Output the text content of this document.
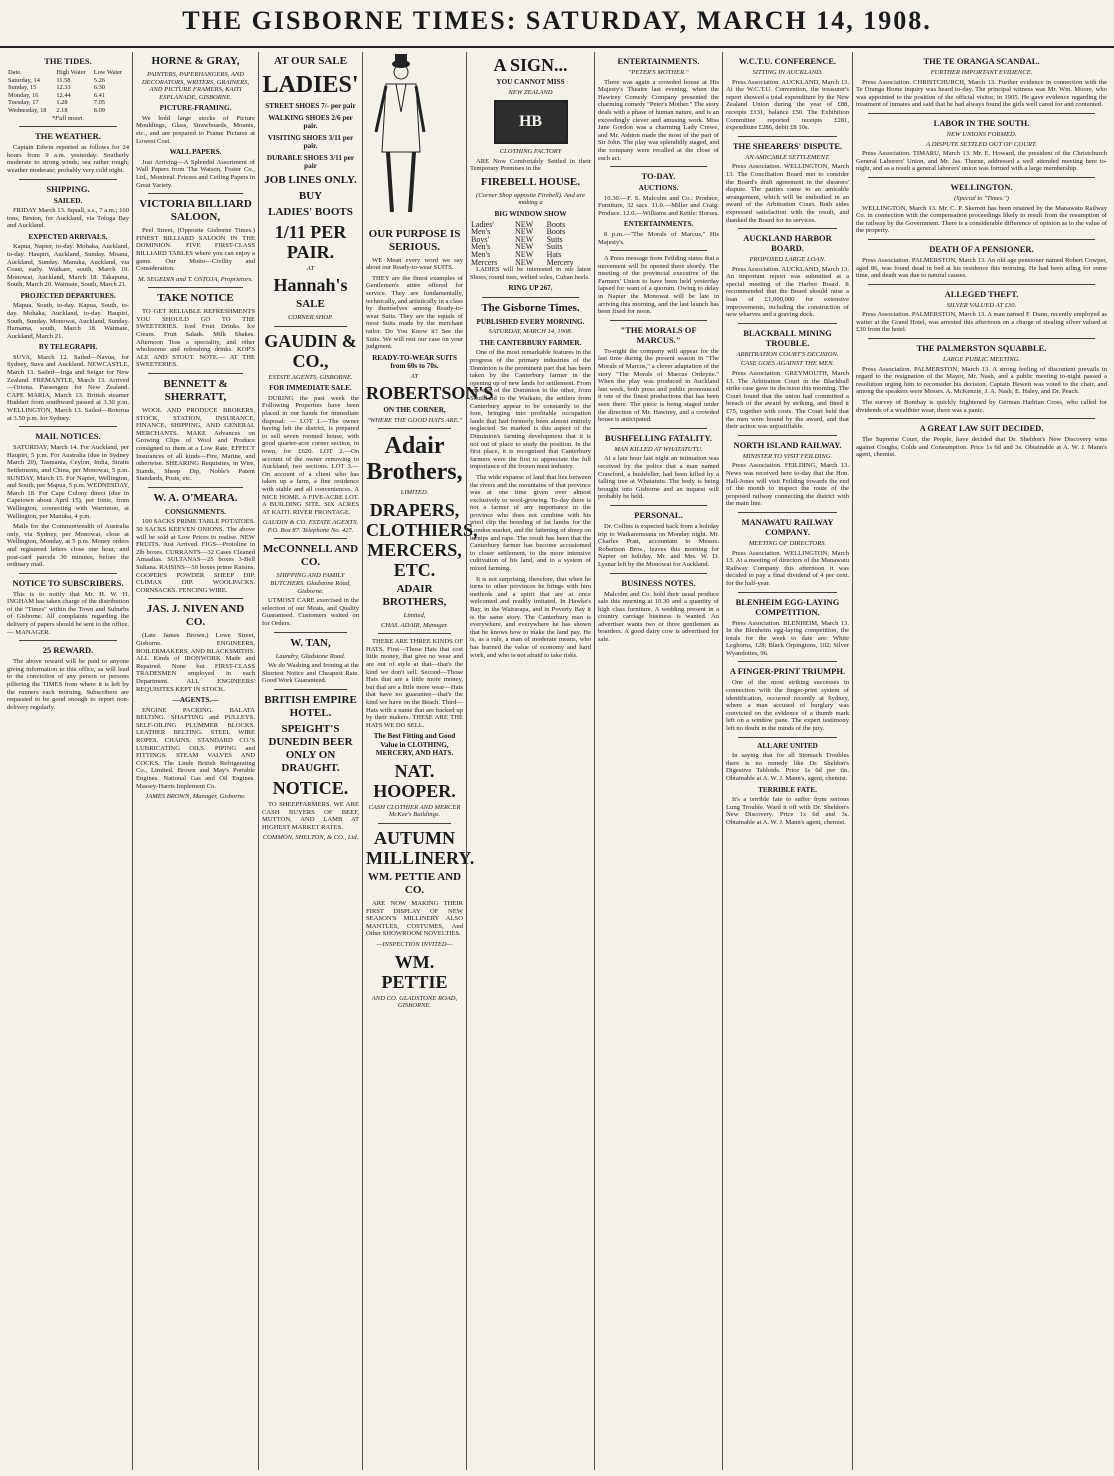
THE GISBORNE TIMES: SATURDAY, MARCH 14, 1908.
THE TIDES.
Date.	High Water	Low Water
Saturday, 14	11.58	5.26
Sunday, 15	12.33	6.30
Monday, 16	12.44	6.41
Tuesday, 17	1.28	7.05
Wednesday, 18	2.18	8.09
*Full moon.
THE WEATHER.

Captain Edwin reported as follows for 24 hours from 9 a.m. yesterday: Southerly moderate to strong winds; sea rather rough; weather moderate; probably very cold night.

SHIPPING.
SAILED.

FRIDAY March 13. Squall, s.s., 7 a.m.; 160 tons, Beston, for Auckland, via Tologa Bay and Auckland.

EXPECTED ARRIVALS.

Kapua, Napier, to-day. Mohaka, Auckland, to-day. Haupiri, Auckland, Sunday. Moana, Auckland, Sunday. Manuka, Auckland, via Coast, early. Waikare, south, March 19. Monowai, Auckland, March 18. Takapuna, South, March 20. Waimate, South, March 21.

PROJECTED DEPARTURES.

Mapua, South, to-day. Kapua, South, to-day. Mohaka, Auckland, to-day. Haupiri, South, Sunday. Monowai, Auckland, Sunday. Hamama, south, March 18. Waimate, Auckland, March 21.

BY TELEGRAPH.

SUVA, March 12. Sailed—Navua, for Sydney, Suva and Auckland. NEWCASTLE, March 13. Sailed—Inga and Seigar for New Zealand. FREMANTLE, March 13. Arrived—Ortona. Passengers for New Zealand. CAPE MARIA, March 13. British steamer Huddart from southward passed at 3.30 p.m. WELLINGTON, March 13. Sailed—Rotorua at 3.50 p.m. for Sydney.

MAIL NOTICES.

SATURDAY, March 14. For Auckland, per Haupiri, 5 p.m. For Australia (due in Sydney March 20), Tasmania, Ceylon, India, Straits Settlements, and China, per Monowai, 5 p.m. SUNDAY, March 15. For Napier, Wellington, and South, per Mapua, 5 p.m. WEDNESDAY, March 18. For Cape Colony direct (due in Capetown about April 15), per Ionic, from Wellington, connecting with Warrimoo, at Wellington, per Manuka, 4 p.m.

Mails for the Commonwealth of Australia only, via Sydney, per Monowai, close at Wellington, Monday, at 5 p.m. Money orders and registered letters close one hour, and post-card parcels 30 minutes, before the ordinary mail.

NOTICE TO SUBSCRIBERS.

This is to notify that Mr. H. W. H. INGHAM has taken charge of the distribution of the "Times" within the Town and Suburbs of Gisborne. All complaints regarding the delivery of papers should be sent to the office. — MANAGER.

25 REWARD.

The above reward will be paid to anyone giving information to this office, as will lead to the conviction of any person or persons pilfering the TIMES from where it is left by the runners each morning. Subscribers are requested to be good enough to report non-delivery regularly.

HORNE & GRAY,
PAINTERS, PAPERHANGERS, AND DECORATORS, WRITERS, GRAINERS, AND PICTURE FRAMERS, KAITI ESPLANADE, GISBORNE.
PICTURE-FRAMING.

We hold large stocks of Picture Mouldings, Glass, Strawboards, Mounts, etc., and are prepared to Frame Pictures at Lowest Cost.

WALL PAPERS.

Just Arriving—A Splendid Assortment of Wall Papers from The Watson, Foster Co., Ltd., Montreal. Friezes and Ceiling Papers in Great Variety.

VICTORIA BILLIARD SALOON,

Peel Street, (Opposite Gisborne Times.) FINEST BILLIARD SALOON IN THE DOMINION. FIVE FIRST-CLASS BILLIARD TABLES where you can enjoy a game. Our Motto—Civility and Consideration.

M. SEGEDIN and T. OSTOJA, Proprietors.
TAKE NOTICE

TO GET RELIABLE REFRESHMENTS YOU SHOULD GO TO THE SWEETERIES. Iced Fruit Drinks. Ice Cream. Fruit Salads. Milk Shakes. Afternoon Teas a speciality, and other wholesome and refreshing drinks. KOP'S ALE AND STOUT. NOTE.— AT THE SWEETERIES.

BENNETT & SHERRATT,

WOOL AND PRODUCE BROKERS, STOCK, STATION, INSURANCE, FINANCE, SHIPPING, AND GENERAL MERCHANTS. MAKE Advances on Growing Clips of Wool and Produce consigned to them at a Low Rate. EFFECT Insurances of all kinds—Fire, Marine, and otherwise. SHEARING Requisites, in Wire, Stands, Sheep Dip, Noble's Patent Standards, Posts, etc.

W. A. O'MEARA.
CONSIGNMENTS.

100 SACKS PRIME TABLE POTATOES. 50 SACKS KEEVEN ONIONS. The above will be sold at Low Prices to realise. NEW FRUITS. Just Arrived. FIGS—Protoline in 2lb boxes. CURRANTS—32 Cases Cleaned Amaalias. SULTANAS—25 boxes 3-Bell Sultana. RAISINS—50 boxes prime Raisins. COOPER'S POWDER SHEEP DIP. CLIMAX DIP. WOOLPACKS. CORNSACKS. FENCING WIRE.

JAS. J. NIVEN AND CO.

(Late James Brown.) Lowe Street, Gisborne. ENGINEERS, BOILERMAKERS, AND BLACKSMITHS. ALL Kinds of IRONWORK Made and Repaired. None but FIRST-CLASS TRADESMEN employed in each Department. ALL ENGINEERS' REQUISITES KEPT IN STOCK.

—AGENTS.—

ENGINE PACKING. BALATA BELTING. SHAFTING and PULLEYS. SELF-OILING PLUMMER BLOCKS. LEATHER BELTING. STEEL WIRE ROPES. CHAINS. STANDARD CO.'S LUBRICATING OILS. PIPING and FITTINGS. STEAM VALVES AND COCKS. The Linde British Refrigerating Co., Limited. Brown and May's Portable Engines. National Gas and Oil Engines. Massey-Harris Implement Co.

JAMES BROWN, Manager, Gisborne.
AT OUR SALE
LADIES'
STREET SHOES 7/- per pair
WALKING SHOES 2/6 per pair.
VISITING SHOES 3/11 per pair.
DURABLE SHOES 3/11 per pair
JOB LINES ONLY.
BUY
LADIES' BOOTS
1/11 PER PAIR.
AT
Hannah's
SALE
CORNER SHOP.
GAUDIN & CO.,
ESTATE AGENTS, GISBORNE.
FOR IMMEDIATE SALE.

DURING the past week the Following Properties have been placed in our hands for immediate disposal: — LOT 1.—The owner having left the district, is prepared to sell seven roomed house, with good quarter-acre corner section, in town, for £620. LOT 2.—On account of the owner removing to Auckland, two sections. LOT 3.—On account of a client who has taken up a farm, a fine residence with stable and all conveniences. A NICE HOME. A FIVE-ACRE LOT. A BUILDING SITE. SIX ACRES AT KAITI. RIVER FRONTAGE.

GAUDIN & CO. ESTATE AGENTS. P.O. Box 87. Telephone No. 427.
McCONNELL AND CO.
SHIPPING AND FAMILY BUTCHERS. Gladstone Road, Gisborne.

UTMOST CARE exercised in the selection of our Meats, and Quality Guaranteed. Customers waited on for Orders.

W. TAN,
Laundry, Gladstone Road.

We do Washing and Ironing at the Shortest Notice and Cheapest Rate. Good Work Guaranteed.

BRITISH EMPIRE HOTEL.
SPEIGHT'S DUNEDIN BEER ONLY ON DRAUGHT.
NOTICE.

TO SHEEPFARMERS. WE ARE CASH BUYERS OF BEEF, MUTTON, AND LAMB AT HIGHEST MARKET RATES.

COMMON, SHELTON, & CO., Ltd.
OUR PURPOSE IS SERIOUS.

WE Mean every word we say about our Ready-to-wear SUITS.

THEY are the finest examples of Gentlemen's attire offered for service. They are fundamentally, technically, and artistically in a class by themselves among Ready-to-wear Suits. They are the equals of most Suits made by the merchant tailor. Do You Know it? See the Suits. We will rest our case on your judgment.

READY-TO-WEAR SUITS from 60s to 70s.
AT
ROBERTSON'S
ON THE CORNER,
"WHERE THE GOOD HATS ARE."
Adair Brothers,
LIMITED.
DRAPERS, CLOTHIERS, MERCERS, ETC.
ADAIR BROTHERS,
Limited,
CHAS. ADAIR, Manager.

THERE ARE THREE KINDS OF HATS. First—Those Hats that cost little money, that give no wear and are out of style at that—that's the kind we don't sell. Second—Those Hats that are a little more money, but that are a little more wear—Hats that have no guarantee—that's the kind we have on the Beach. Third—Hats with a name that are backed up by their makers. THESE ARE THE HATS WE DO SELL.

The Best Fitting and Good Value in CLOTHING, MERCERY, AND HATS.
NAT. HOOPER.
CASH CLOTHIER AND MERCER McKee's Buildings.
AUTUMN MILLINERY.
WM. PETTIE AND CO.

ARE NOW MAKING THEIR FIRST DISPLAY OF NEW SEASON'S MILLINERY ALSO MANTLES, COSTUMES, And Other SHOWROOM NOVELTIES.

—INSPECTION INVITED—
WM. PETTIE
AND CO. GLADSTONE ROAD, GISBORNE.
A SIGN...
YOU CANNOT MISS
NEW ZEALAND
HB
CLOTHING FACTORY

ARE Now Comfortably Settled in their Temporary Premises in the

FIREBELL HOUSE.
(Corner Shop opposite Firebell). And are making a
BIG WINDOW SHOW
Ladies'	NEW	Boots
Men's	NEW	Boots
Boys'	NEW	Suits
Men's	NEW	Suits
Men's	NEW	Hats
Mercers	NEW	Mercery

LADIES will be interested in our latest Shoes, round toes, welted soles, Cuban heels.

RING UP 267.
The Gisborne Times.
PUBLISHED EVERY MORNING.
SATURDAY, MARCH 14, 1908.
THE CANTERBURY FARMER.

One of the most remarkable features in the progress of the primary industries of the Dominion is the prominent part that has been taken by the Canterbury farmer in the opening up of new lands for settlement. From one end of the Dominion to the other, from Southland to the Waikato, the settlers from Canterbury appear to be constantly to the fore, bringing into profitable occupation lands that had formerly been almost entirely neglected. So marked is this aspect of the Dominion's farming development that it is not out of place to study the position. In the first place, it is recognised that Canterbury farmers were the first to appreciate the full importance of the frozen meat industry.

The wide expanse of land that lies between the rivers and the mountains of that province was at one time given over almost exclusively to wool-growing. To-day there is not a farmer of any importance in the province who does not combine with his wool clip the breeding of fat lambs for the London market, and the fattening of sheep on turnips and rape. The result has been that the Canterbury farmer has become accustomed to closer settlement, to the more intensive cultivation of his land, and to a system of mixed farming.

It is not surprising, therefore, that when he turns to other provinces he brings with him methods and a spirit that are at once welcomed and readily imitated. In Hawke's Bay, in the Wairarapa, and in Poverty Bay it is the same story. The Canterbury man is everywhere, and everywhere he has shown that he knows how to make the land pay. He is, as a rule, a man of moderate means, who has learned the value of economy and hard work, and who is not afraid to take risks.

ENTERTAINMENTS.
"PETER'S MOTHER."

There was again a crowded house at His Majesty's Theatre last evening, when the Hawtrey Comedy Company presented the charming comedy "Peter's Mother." The story deals with a phase of human nature, and is an exceedingly clever and amusing work. Miss Jane Gordon was a charming Lady Crewe, and Mr. Ashton made the most of the part of Sir John. The play was splendidly staged, and the company were recalled at the close of each act.

TO-DAY.
AUCTIONS.

10.30.—F. S. Malcolm and Co.: Produce, Furniture, 32 sacs. 11.0.—Miller and Craig: Produce. 12.0.—Williams and Kettle: Horses.

ENTERTAINMENTS.

8 p.m.—"The Morals of Marcus," His Majesty's.

A Press message from Feilding states that a movement will be opened there shortly. The meeting of the provincial executive of the Farmers' Union to have been held yesterday lapsed for want of a quorum. Owing to delay in Napier the Monowai will be late in arriving this morning, and the last launch has been fixed for noon.

"THE MORALS OF MARCUS."

To-night the company will appear for the last time during the present season in "The Morals of Marcus," a clever adaptation of the story "The Morals of Marcus Ordeyne." When the play was produced in Auckland last week, both press and public pronounced it one of the finest productions that has been seen there. The piece is being staged under the direction of Mr. Hawtrey, and a crowded house is anticipated.

BUSHFELLING FATALITY.
MAN KILLED AT WHATATUTU.

At a late hour last night an intimation was received by the police that a man named Crawford, a bushfeller, had been killed by a falling tree at Whatatutu. The body is being brought into Gisborne and an inquest will probably be held.

PERSONAL.

Dr. Collins is expected back from a holiday trip to Waikaremoana on Monday night. Mr. Charles Pratt, accountant to Messrs. Robertson Bros., leaves this morning for Napier on holiday. Mr. and Mrs. W. D. Lysnar left by the Monowai for Auckland.

BUSINESS NOTES.

Malcolm and Co. hold their usual produce sale this morning at 10.30 and a quantity of high class furniture. A wedding present in a country carriage business is wanted. An advertiser wants two or three gentlemen as boarders. A good dairy cow is advertised for sale.

W.C.T.U. CONFERENCE.
SITTING IN AUCKLAND.

Press Association. AUCKLAND, March 13. At the W.C.T.U. Convention, the treasurer's report showed a total expenditure by the New Zealand Union during the year of £88, receipts £131, balance £50. The Exhibition Committee reported receipts £281, expenditure £286, debit £8 10s.

THE SHEARERS' DISPUTE.
AN AMICABLE SETTLEMENT.

Press Association. WELLINGTON, March 13. The Conciliation Board met to consider the Board's draft agreement in the shearers' dispute. The parties came to an amicable arrangement, which will be embodied in an award of the Arbitration Court. Both sides expressed satisfaction with the result, and thanked the Board for its services.

AUCKLAND HARBOR BOARD.
PROPOSED LARGE LOAN.

Press Association. AUCKLAND, March 13. An important report was submitted at a special meeting of the Harbor Board. It recommended that the Board should raise a loan of £1,000,000 for extensive improvements, including the construction of new wharves and a graving dock.

BLACKBALL MINING TROUBLE.
ARBITRATION COURT'S DECISION.
CASE GOES AGAINST THE MEN.

Press Association. GREYMOUTH, March 13. The Arbitration Court in the Blackball strike case gave its decision this morning. The Court found that the union had committed a breach of the award by striking, and fined it £75, together with costs. The Court held that the men were bound by the award, and that their action was unjustifiable.

NORTH ISLAND RAILWAY.
MINISTER TO VISIT FEILDING.

Press Association. FEILDING, March 13. News was received here to-day that the Hon. Hall-Jones will visit Feilding towards the end of the month to inspect the route of the proposed railway connecting the district with the main line.

MANAWATU RAILWAY COMPANY.
MEETING OF DIRECTORS.

Press Association. WELLINGTON, March 13. At a meeting of directors of the Manawatu Railway Company this afternoon it was decided to pay a final dividend of 4 per cent. for the half-year.

BLENHEIM EGG-LAYING COMPETITION.

Press Association. BLENHEIM, March 13. In the Blenheim egg-laying competition, the totals for the week to date are: White Leghorns, 128; Black Orpingtons, 102; Silver Wyandottes, 96.

A FINGER-PRINT TRIUMPH.

One of the most striking successes in connection with the finger-print system of identification, occurred recently at Sydney, where a man accused of burglary was convicted on the evidence of a thumb mark left on a window pane. The expert testimony left no doubt in the minds of the jury.

ALL ARE UNITED

In saying that for all Stomach Troubles there is no remedy like Dr. Sheldon's Digestive Tabloids. Price 1s 6d per tin. Obtainable at A. W. J. Mann's, agent, chemist.

TERRIBLE FATE.

It's a terrible fate to suffer from serious Lung Trouble. Ward it off with Dr. Sheldon's New Discovery. Price 1s 6d and 3s. Obtainable at A. W. J. Mann's agent, chemist.

THE TE ORANGA SCANDAL.
FURTHER IMPORTANT EVIDENCE.

Press Association. CHRISTCHURCH, March 13. Further evidence in connection with the Te Oranga Home inquiry was heard to-day. The principal witness was Mr. Wm. Moore, who was appointed to the position of the official visitor, in 1905. He gave evidence regarding the treatment of inmates and said that he had always found the girls well cared for and contented.

LABOR IN THE SOUTH.
NEW UNIONS FORMED.
A DISPUTE SETTLED OUT OF COURT.

Press Association. TIMARU, March 13. Mr. E. Howard, the president of the Christchurch General Laborers' Union, and Mr. Jas. Thorne, addressed a well attended meeting here to-night, and as a result a general laborers' union was formed with a large membership.

WELLINGTON.
(Special to "Times.")

WELLINGTON, March 13. Mr. C. P. Skerrett has been retained by the Manawatu Railway Co. in connection with the compensation proceedings likely to result from the resumption of the railway by the Government. There is a considerable difference of opinion as to the value of the property.

DEATH OF A PENSIONER.

Press Association. PALMERSTON, March 13. An old age pensioner named Robert Cowper, aged 86, was found dead in bed at his residence this morning. He had been ailing for some time, and death was due to natural causes.

ALLEGED THEFT.
SILVER VALUED AT £30.

Press Association. PALMERSTON, March 13. A man named F. Dunn, recently employed as waiter at the Grand Hotel, was arrested this afternoon on a charge of stealing silver valued at £30 from the hotel.

THE PALMERSTON SQUABBLE.
LARGE PUBLIC MEETING.

Press Association. PALMERSTON, March 13. A strong feeling of discontent prevails in regard to the resignation of the Mayor, Mr. Nash, and a public meeting to-night passed a resolution urging him to reconsider his decision. Captain Hewett was voted to the chair, and among the speakers were Messrs. A. McKenzie, J. A. Nash, E. Haley, and Dr. Peach.

The survey of Bombay is quickly frightened by German Hadrian Cross, who called for dividends of a wealthier wear, there was a panic.

A GREAT LAW SUIT DECIDED.

The Supreme Court, the People, have decided that Dr. Sheldon's New Discovery wins against Coughs, Colds and Consumption. Price 1s 6d and 3s. Obtainable at A. W. J. Mann's agent, chemist.
